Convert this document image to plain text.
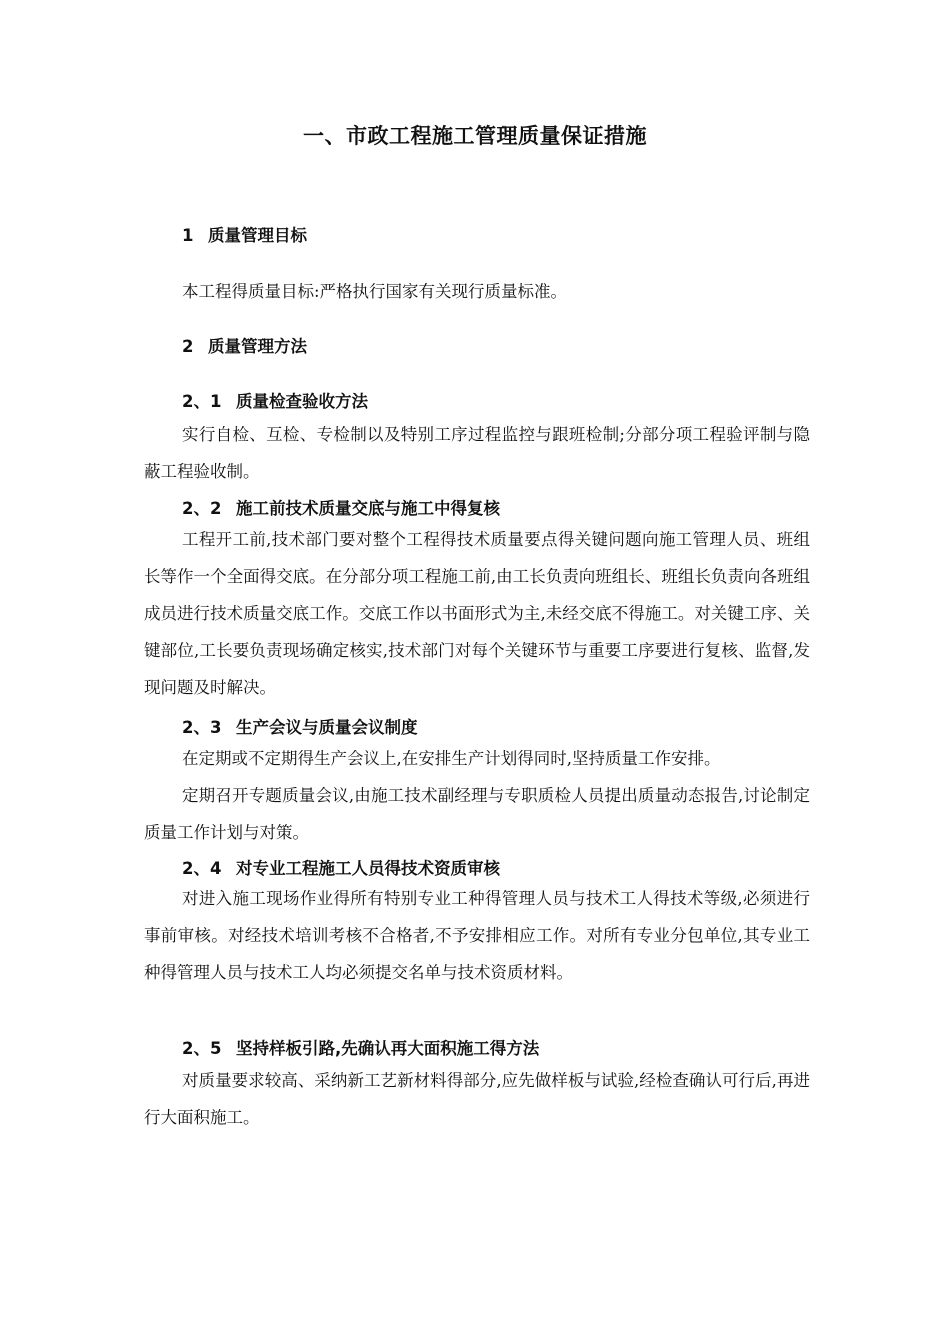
一、市政工程施工管理质量保证措施
1 质量管理目标
本工程得质量目标:严格执行国家有关现行质量标准。
2 质量管理方法
2、1 质量检查验收方法
实行自检、互检、专检制以及特别工序过程监控与跟班检制;分部分项工程验评制与隐蔽工程验收制。
2、2 施工前技术质量交底与施工中得复核
工程开工前,技术部门要对整个工程得技术质量要点得关键问题向施工管理人员、班组长等作一个全面得交底。在分部分项工程施工前,由工长负责向班组长、班组长负责向各班组成员进行技术质量交底工作。交底工作以书面形式为主,未经交底不得施工。对关键工序、关键部位,工长要负责现场确定核实,技术部门对每个关键环节与重要工序要进行复核、监督,发现问题及时解决。
2、3 生产会议与质量会议制度
在定期或不定期得生产会议上,在安排生产计划得同时,坚持质量工作安排。
定期召开专题质量会议,由施工技术副经理与专职质检人员提出质量动态报告,讨论制定质量工作计划与对策。
2、4 对专业工程施工人员得技术资质审核
对进入施工现场作业得所有特别专业工种得管理人员与技术工人得技术等级,必须进行事前审核。对经技术培训考核不合格者,不予安排相应工作。对所有专业分包单位,其专业工种得管理人员与技术工人均必须提交名单与技术资质材料。
2、5 坚持样板引路,先确认再大面积施工得方法
对质量要求较高、采纳新工艺新材料得部分,应先做样板与试验,经检查确认可行后,再进行大面积施工。
